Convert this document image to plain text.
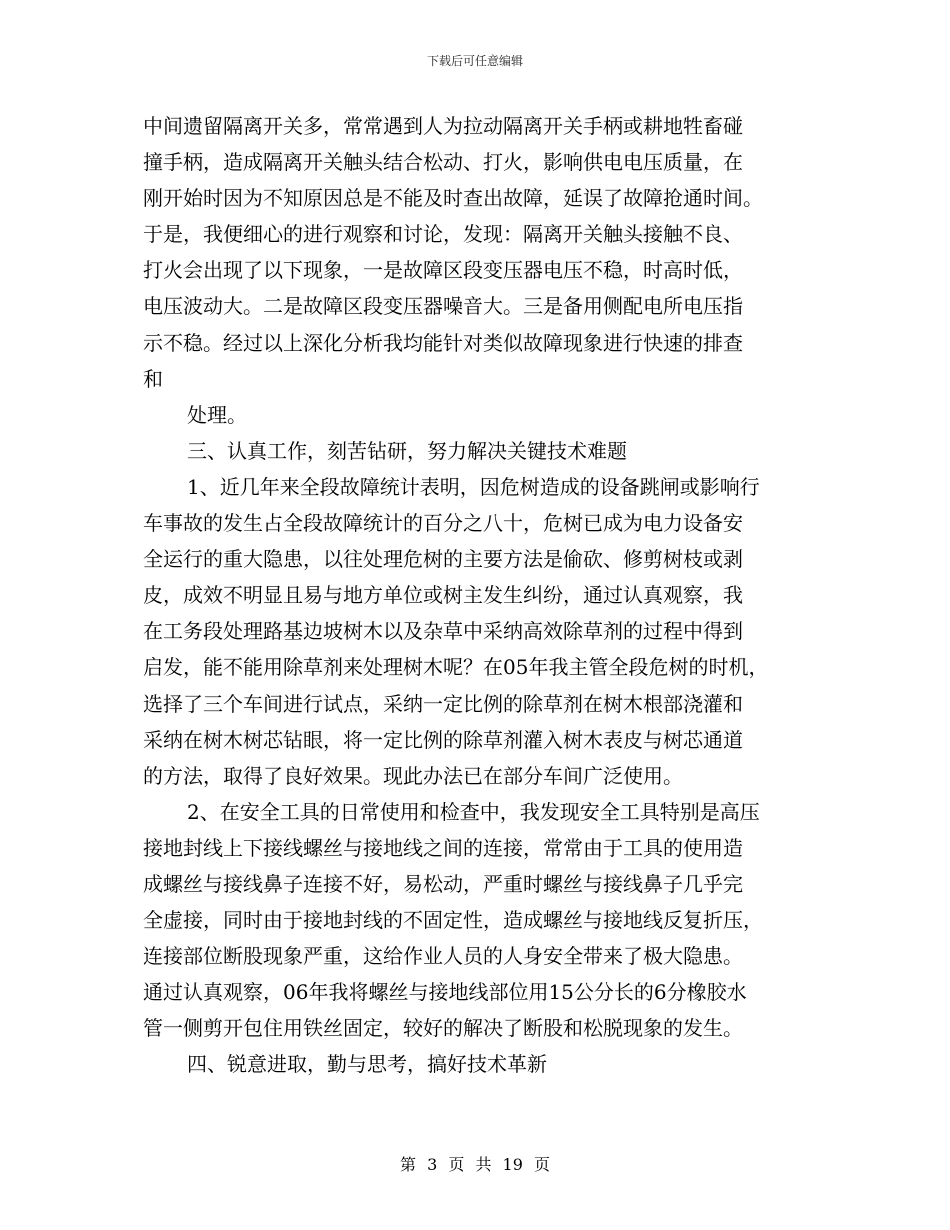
下载后可任意编辑
中间遗留隔离开关多，常常遇到人为拉动隔离开关手柄或耕地牲畜碰
撞手柄，造成隔离开关触头结合松动、打火，影响供电电压质量，在
刚开始时因为不知原因总是不能及时查出故障，延误了故障抢通时间。
于是，我便细心的进行观察和讨论，发现：隔离开关触头接触不良、
打火会出现了以下现象，一是故障区段变压器电压不稳，时高时低，
电压波动大。二是故障区段变压器噪音大。三是备用侧配电所电压指
示不稳。经过以上深化分析我均能针对类似故障现象进行快速的排查
和
处理。
三、认真工作，刻苦钻研，努力解决关键技术难题
1、近几年来全段故障统计表明，因危树造成的设备跳闸或影响行
车事故的发生占全段故障统计的百分之八十，危树已成为电力设备安
全运行的重大隐患，以往处理危树的主要方法是偷砍、修剪树枝或剥
皮，成效不明显且易与地方单位或树主发生纠纷，通过认真观察，我
在工务段处理路基边坡树木以及杂草中采纳高效除草剂的过程中得到
启发，能不能用除草剂来处理树木呢？在05年我主管全段危树的时机，
选择了三个车间进行试点，采纳一定比例的除草剂在树木根部浇灌和
采纳在树木树芯钻眼，将一定比例的除草剂灌入树木表皮与树芯通道
的方法，取得了良好效果。现此办法已在部分车间广泛使用。
2、在安全工具的日常使用和检查中，我发现安全工具特别是高压
接地封线上下接线螺丝与接地线之间的连接，常常由于工具的使用造
成螺丝与接线鼻子连接不好，易松动，严重时螺丝与接线鼻子几乎完
全虚接，同时由于接地封线的不固定性，造成螺丝与接地线反复折压，
连接部位断股现象严重，这给作业人员的人身安全带来了极大隐患。
通过认真观察，06年我将螺丝与接地线部位用15公分长的6分橡胶水
管一侧剪开包住用铁丝固定，较好的解决了断股和松脱现象的发生。
四、锐意进取，勤与思考，搞好技术革新
第 3 页 共 19 页
